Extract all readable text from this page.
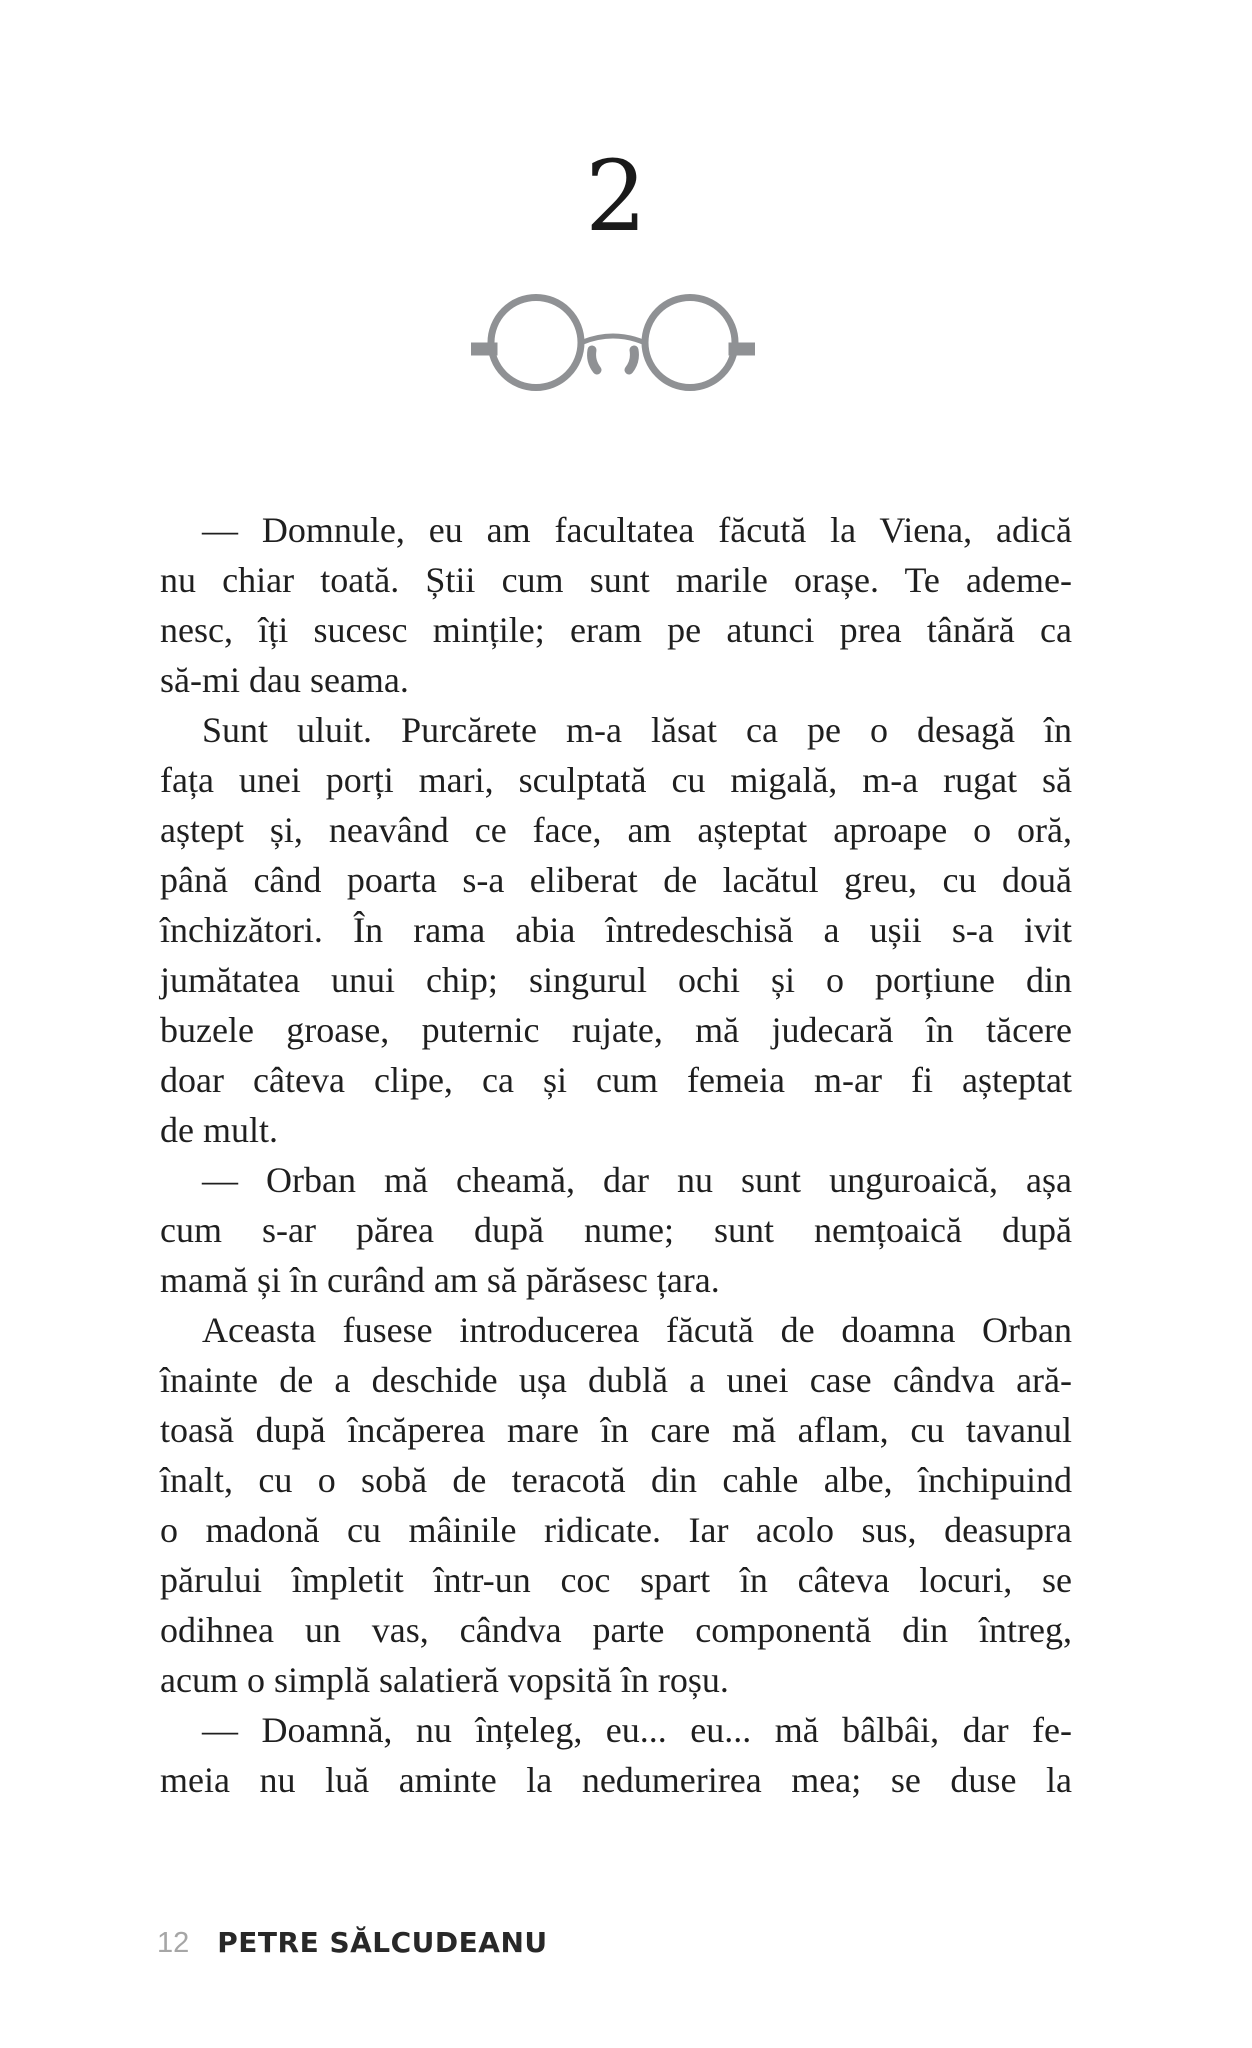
2
— Domnule, eu am facultatea făcută la Viena, adică
nu chiar toată. Știi cum sunt marile orașe. Te ademe-
nesc, îți sucesc mințile; eram pe atunci prea tânără ca
să-mi dau seama.
Sunt uluit. Purcărete m-a lăsat ca pe o desagă în
fața unei porți mari, sculptată cu migală, m-a rugat să
aștept și, neavând ce face, am așteptat aproape o oră,
până când poarta s-a eliberat de lacătul greu, cu două
închizători. În rama abia întredeschisă a ușii s-a ivit
jumătatea unui chip; singurul ochi și o porțiune din
buzele groase, puternic rujate, mă judecară în tăcere
doar câteva clipe, ca și cum femeia m-ar fi așteptat
de mult.
— Orban mă cheamă, dar nu sunt unguroaică, așa
cum s-ar părea după nume; sunt nemțoaică după
mamă și în curând am să părăsesc țara.
Aceasta fusese introducerea făcută de doamna Orban
înainte de a deschide ușa dublă a unei case cândva ară-
toasă după încăperea mare în care mă aflam, cu tavanul
înalt, cu o sobă de teracotă din cahle albe, închipuind
o madonă cu mâinile ridicate. Iar acolo sus, deasupra
părului împletit într-un coc spart în câteva locuri, se
odihnea un vas, cândva parte componentă din întreg,
acum o simplă salatieră vopsită în roșu.
— Doamnă, nu înțeleg, eu... eu... mă bâlbâi, dar fe-
meia nu luă aminte la nedumerirea mea; se duse la
12 PETRE SĂLCUDEANU
